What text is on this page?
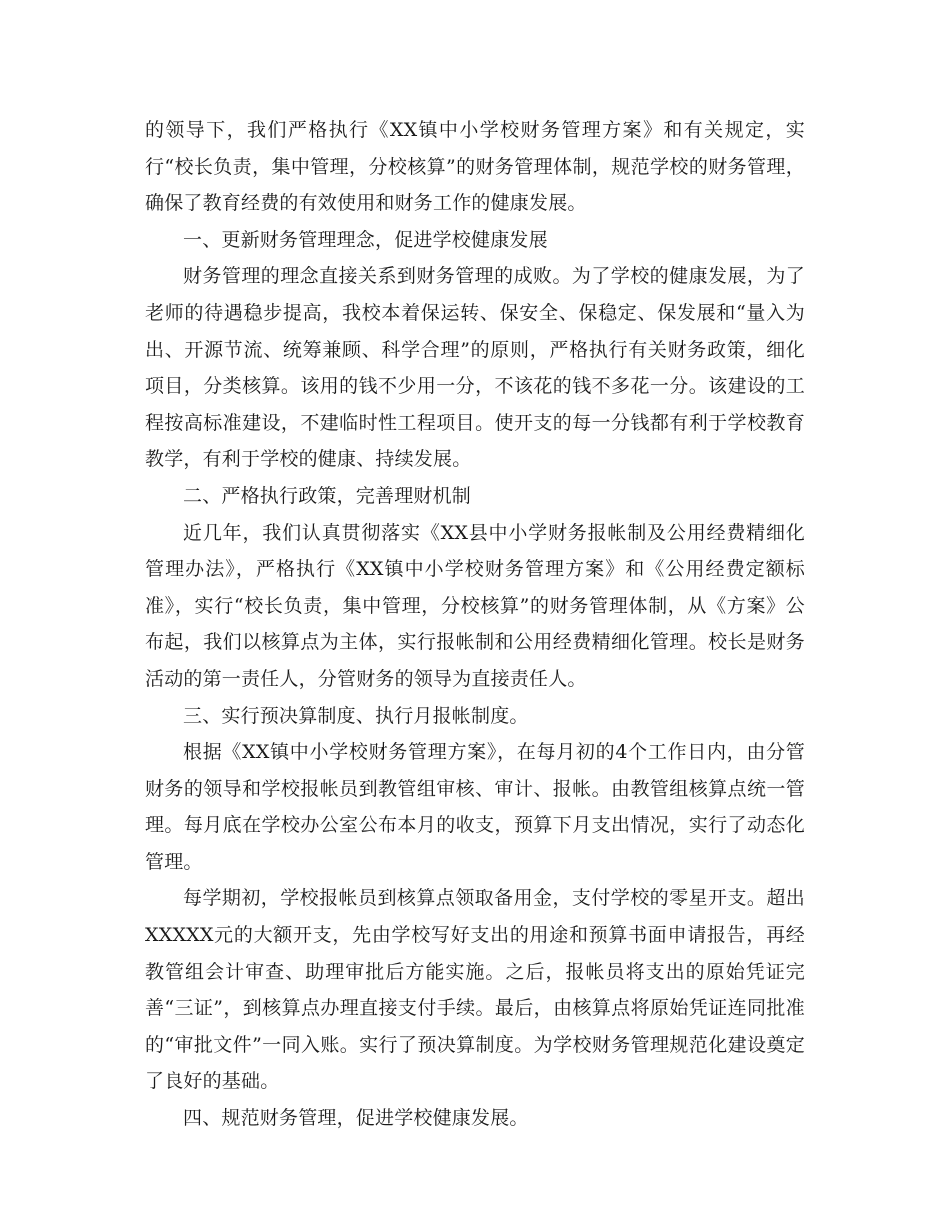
的领导下，我们严格执行《XX镇中小学校财务管理方案》和有关规定，实行“校长负责，集中管理，分校核算”的财务管理体制，规范学校的财务管理，确保了教育经费的有效使用和财务工作的健康发展。

一、更新财务管理理念，促进学校健康发展

财务管理的理念直接关系到财务管理的成败。为了学校的健康发展，为了老师的待遇稳步提高，我校本着保运转、保安全、保稳定、保发展和“量入为出、开源节流、统筹兼顾、科学合理”的原则，严格执行有关财务政策，细化项目，分类核算。该用的钱不少用一分，不该花的钱不多花一分。该建设的工程按高标准建设，不建临时性工程项目。使开支的每一分钱都有利于学校教育教学，有利于学校的健康、持续发展。

二、严格执行政策，完善理财机制

近几年，我们认真贯彻落实《XX县中小学财务报帐制及公用经费精细化管理办法》，严格执行《XX镇中小学校财务管理方案》和《公用经费定额标准》，实行“校长负责，集中管理，分校核算”的财务管理体制，从《方案》公布起，我们以核算点为主体，实行报帐制和公用经费精细化管理。校长是财务活动的第一责任人，分管财务的领导为直接责任人。

三、实行预决算制度、执行月报帐制度。

根据《XX镇中小学校财务管理方案》，在每月初的4个工作日内，由分管财务的领导和学校报帐员到教管组审核、审计、报帐。由教管组核算点统一管理。每月底在学校办公室公布本月的收支，预算下月支出情况，实行了动态化管理。

每学期初，学校报帐员到核算点领取备用金，支付学校的零星开支。超出XXXXX元的大额开支，先由学校写好支出的用途和预算书面申请报告，再经教管组会计审查、助理审批后方能实施。之后，报帐员将支出的原始凭证完善“三证”，到核算点办理直接支付手续。最后，由核算点将原始凭证连同批准的“审批文件”一同入账。实行了预决算制度。为学校财务管理规范化建设奠定了良好的基础。

四、规范财务管理，促进学校健康发展。
